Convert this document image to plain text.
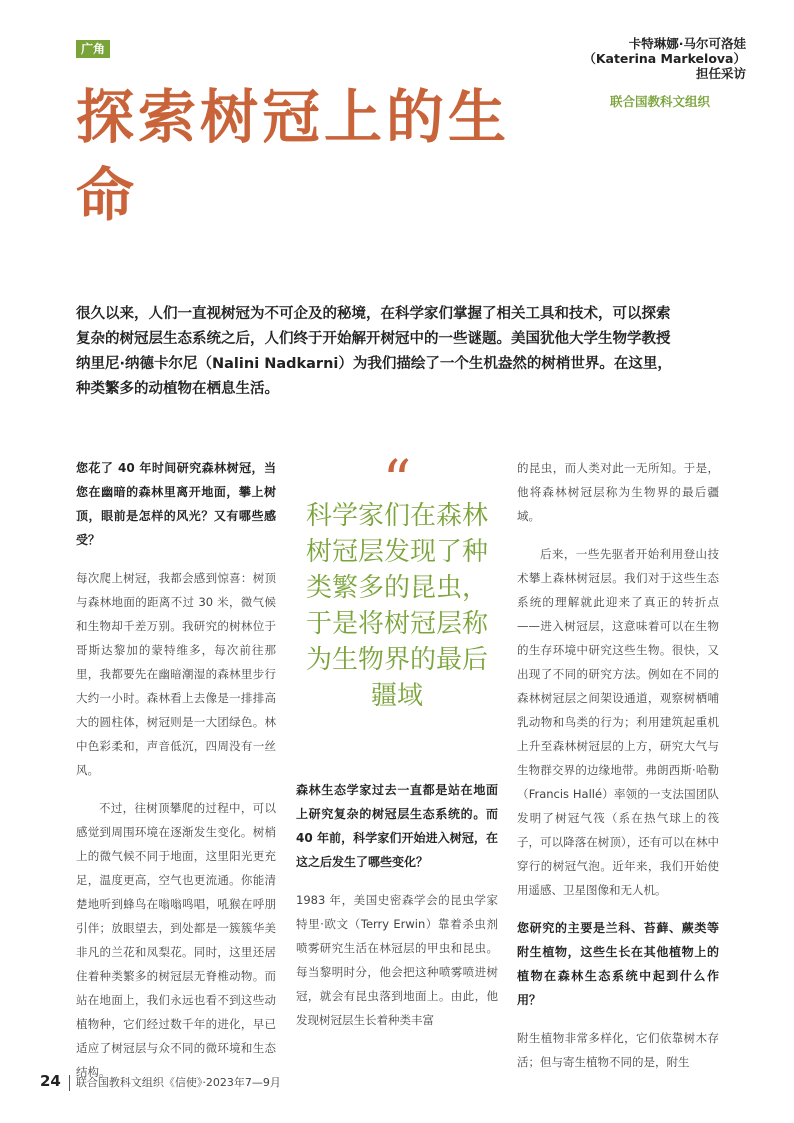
广角	卡特琳娜·马尔可洛娃
（Katerina Markelova）
担任采访
联合国教科文组织
探索树冠上的生命

很久以来，人们一直视树冠为不可企及的秘境，在科学家们掌握了相关工具和技术，可以探索复杂的树冠层生态系统之后，人们终于开始解开树冠中的一些谜题。美国犹他大学生物学教授纳里尼·纳德卡尔尼（Nalini Nadkarni）为我们描绘了一个生机盎然的树梢世界。在这里，种类繁多的动植物在栖息生活。

您花了 40 年时间研究森林树冠，当您在幽暗的森林里离开地面，攀上树顶，眼前是怎样的风光？又有哪些感受？

每次爬上树冠，我都会感到惊喜：树顶与森林地面的距离不过 30 米，微气候和生物却千差万别。我研究的树林位于哥斯达黎加的蒙特维多，每次前往那里，我都要先在幽暗潮湿的森林里步行大约一小时。森林看上去像是一排排高大的圆柱体，树冠则是一大团绿色。林中色彩柔和，声音低沉，四周没有一丝风。

不过，往树顶攀爬的过程中，可以感觉到周围环境在逐渐发生变化。树梢上的微气候不同于地面，这里阳光更充足，温度更高，空气也更流通。你能清楚地听到蜂鸟在嗡嗡鸣唱，吼猴在呼朋引伴；放眼望去，到处都是一簇簇华美非凡的兰花和凤梨花。同时，这里还居住着种类繁多的树冠层无脊椎动物。而站在地面上，我们永远也看不到这些动植物种，它们经过数千年的进化，早已适应了树冠层与众不同的微环境和生态结构。

“
科学家们在森林树冠层发现了种类繁多的昆虫，于是将树冠层称为生物界的最后疆域

森林生态学家过去一直都是站在地面上研究复杂的树冠层生态系统的。而 40 年前，科学家们开始进入树冠，在这之后发生了哪些变化？

1983 年，美国史密森学会的昆虫学家特里·欧文（Terry Erwin）靠着杀虫剂喷雾研究生活在林冠层的甲虫和昆虫。每当黎明时分，他会把这种喷雾喷进树冠，就会有昆虫落到地面上。由此，他发现树冠层生长着种类丰富

的昆虫，而人类对此一无所知。于是，他将森林树冠层称为生物界的最后疆域。

后来，一些先驱者开始利用登山技术攀上森林树冠层。我们对于这些生态系统的理解就此迎来了真正的转折点——进入树冠层，这意味着可以在生物的生存环境中研究这些生物。很快，又出现了不同的研究方法。例如在不同的森林树冠层之间架设通道，观察树栖哺乳动物和鸟类的行为；利用建筑起重机上升至森林树冠层的上方，研究大气与生物群交界的边缘地带。弗朗西斯·哈勒（Francis Hallé）率领的一支法国团队发明了树冠气筏（系在热气球上的筏子，可以降落在树顶），还有可以在林中穿行的树冠气泡。近年来，我们开始使用遥感、卫星图像和无人机。

您研究的主要是兰科、苔藓、蕨类等附生植物，这些生长在其他植物上的植物在森林生态系统中起到什么作用？

附生植物非常多样化，它们依靠树木存活；但与寄生植物不同的是，附生

24 联合国教科文组织《信使》·2023年7—9月
